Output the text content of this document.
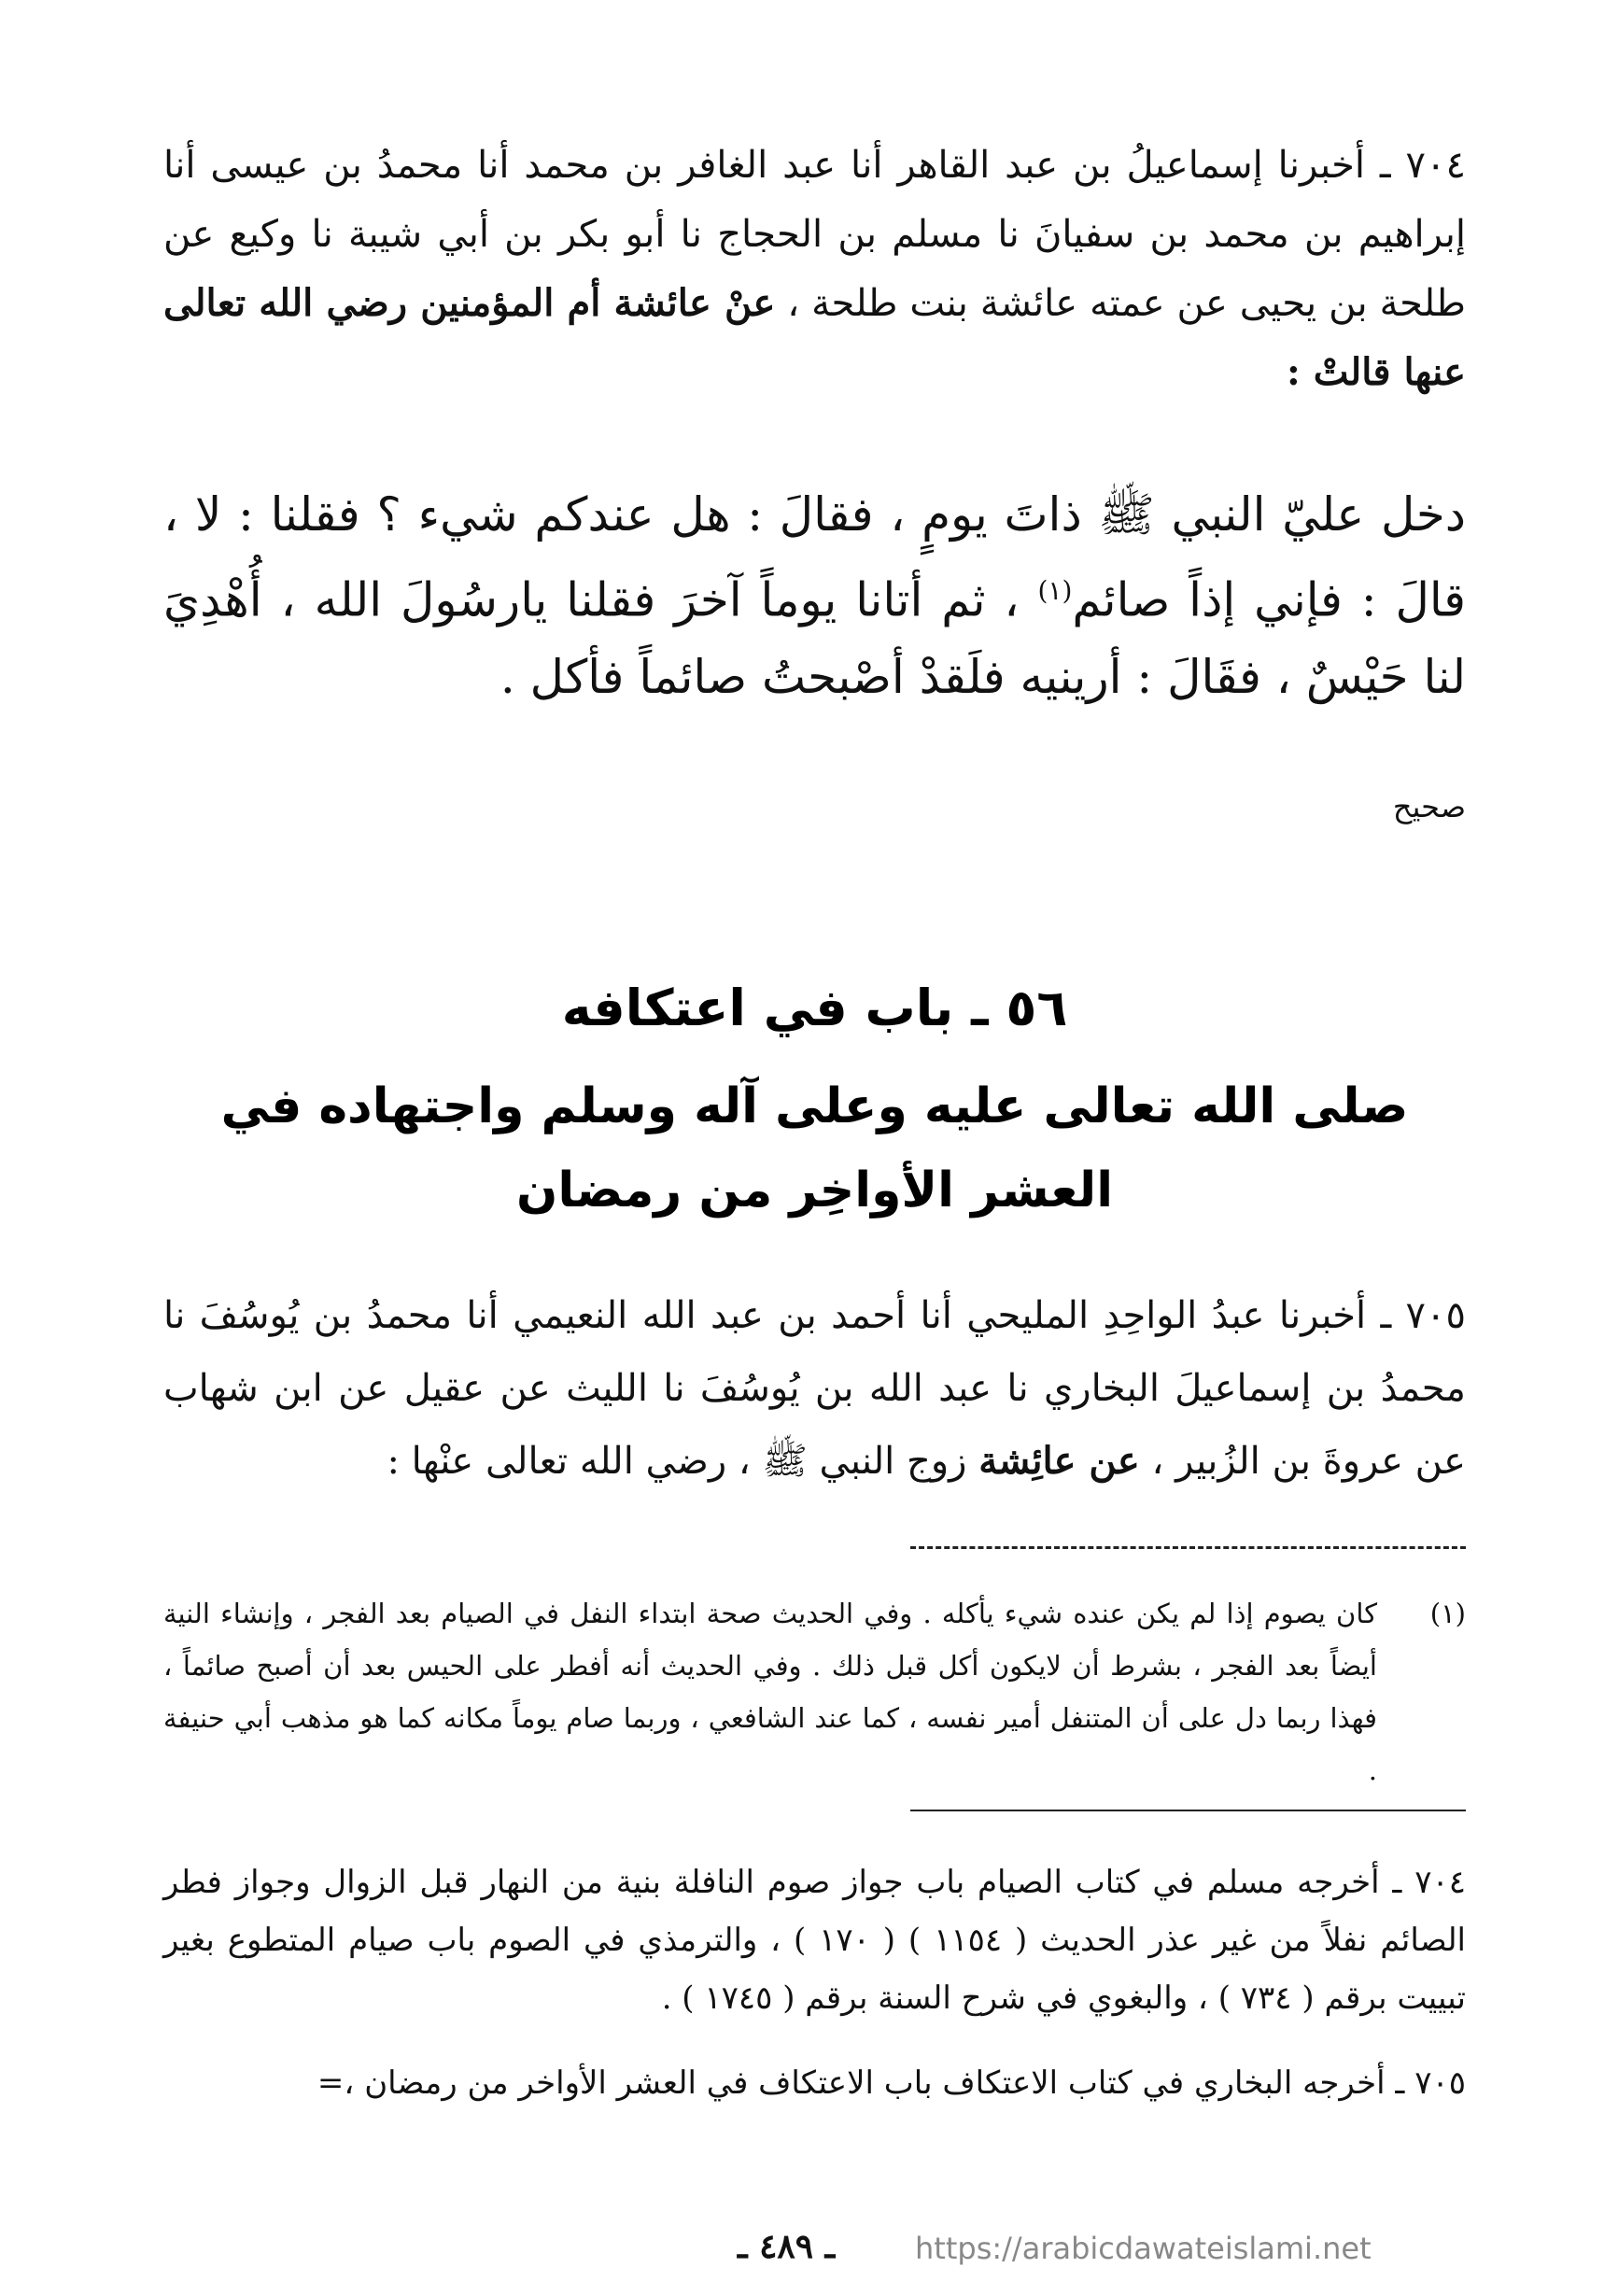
٧٠٤ ـ أخبرنا إسماعيلُ بن عبد القاهر أنا عبد الغافر بن محمد أنا محمدُ بن عيسى أنا إبراهيم بن محمد بن سفيانَ نا مسلم بن الحجاج نا أبو بكر بن أبي شيبة نا وكيع عن طلحة بن يحيى عن عمته عائشة بنت طلحة ، عنْ عائشة أم المؤمنين رضي الله تعالى عنها قالتْ :

دخل عليّ النبي ﷺ ذاتَ يومٍ ، فقالَ : هل عندكم شيء ؟ فقلنا : لا ، قالَ : فإني إذاً صائم$^{(١)}$ ، ثم أتانا يوماً آخرَ فقلنا يارسُولَ الله ، أُهْدِيَ لنا حَيْسٌ ، فقَالَ : أرينيه فلَقدْ أصْبحتُ صائماً فأكل .

صحيح
٥٦ ـ باب في اعتكافه
صلى الله تعالى عليه وعلى آله وسلم واجتهاده في العشر الأواخِر من رمضان

٧٠٥ ـ أخبرنا عبدُ الواحِدِ المليحي أنا أحمد بن عبد الله النعيمي أنا محمدُ بن يُوسُفَ نا محمدُ بن إسماعيلَ البخاري نا عبد الله بن يُوسُفَ نا الليث عن عقيل عن ابن شهاب عن عروةَ بن الزُبير ، عن عائِشة زوج النبي ﷺ ، رضي الله تعالى عنْها :

(١)
كان يصوم إذا لم يكن عنده شيء يأكله . وفي الحديث صحة ابتداء النفل في الصيام بعد الفجر ، وإنشاء النية أيضاً بعد الفجر ، بشرط أن لايكون أكل قبل ذلك . وفي الحديث أنه أفطر على الحيس بعد أن أصبح صائماً ، فهذا ربما دل على أن المتنفل أمير نفسه ، كما عند الشافعي ، وربما صام يوماً مكانه كما هو مذهب أبي حنيفة .

٧٠٤ ـ أخرجه مسلم في كتاب الصيام باب جواز صوم النافلة بنية من النهار قبل الزوال وجواز فطر الصائم نفلاً من غير عذر الحديث ( ١١٥٤ ) ( ١٧٠ ) ، والترمذي في الصوم باب صيام المتطوع بغير تبييت برقم ( ٧٣٤ ) ، والبغوي في شرح السنة برقم ( ١٧٤٥ ) .

٧٠٥ ـ أخرجه البخاري في كتاب الاعتكاف باب الاعتكاف في العشر الأواخر من رمضان ،=

ـ ٤٨٩ ـ	https://arabicdawateislami.net
